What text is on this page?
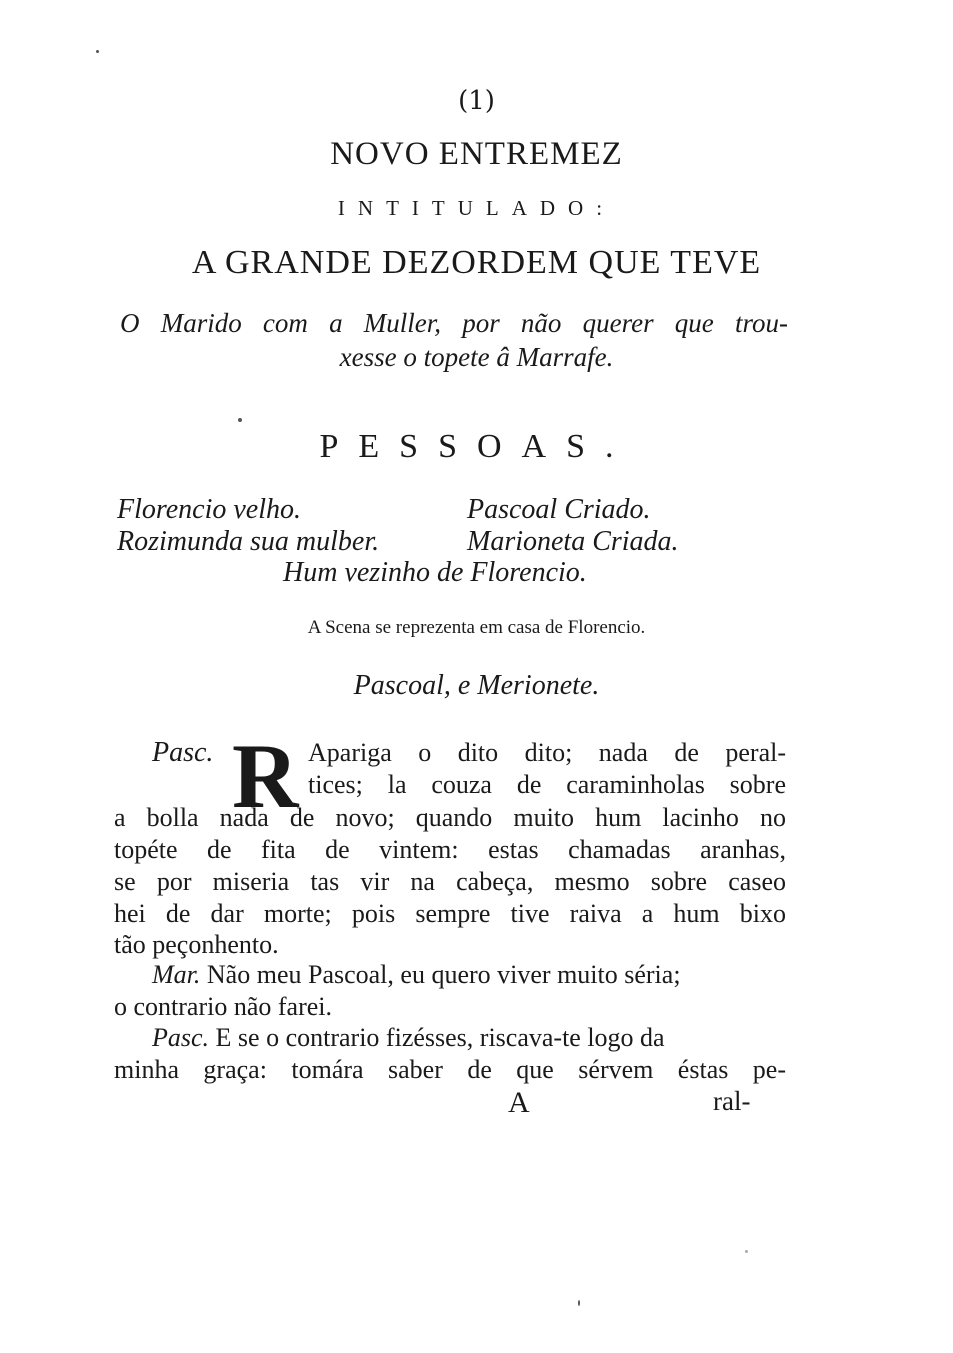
(1)
NOVO ENTREMEZ
INTITULADO:
A GRANDE DEZORDEM QUE TEVE
O Marido com a Muller, por não querer que trou-
xesse o topete â Marrafe.
PESSOAS.
Florencio velho.	Pascoal Criado.
Rozimunda sua mulber.	Marioneta Criada.
Hum vezinho de Florencio.
A Scena se reprezenta em casa de Florencio.
Pascoal, e Merionete.
Pasc. R Apariga o dito dito; nada de peral-
tices; la couza de caraminholas sobre
a bolla nada de novo; quando muito hum lacinho no
topéte de fita de vintem: estas chamadas aranhas,
se por miseria tas vir na cabeça, mesmo sobre caseo
hei de dar morte; pois sempre tive raiva a hum bixo
tão peçonhento.
Mar. Não meu Pascoal, eu quero viver muito séria;
o contrario não farei.
Pasc. E se o contrario fizésses, riscava-te logo da
minha graça: tomára saber de que sérvem éstas pe-
A	ral-
